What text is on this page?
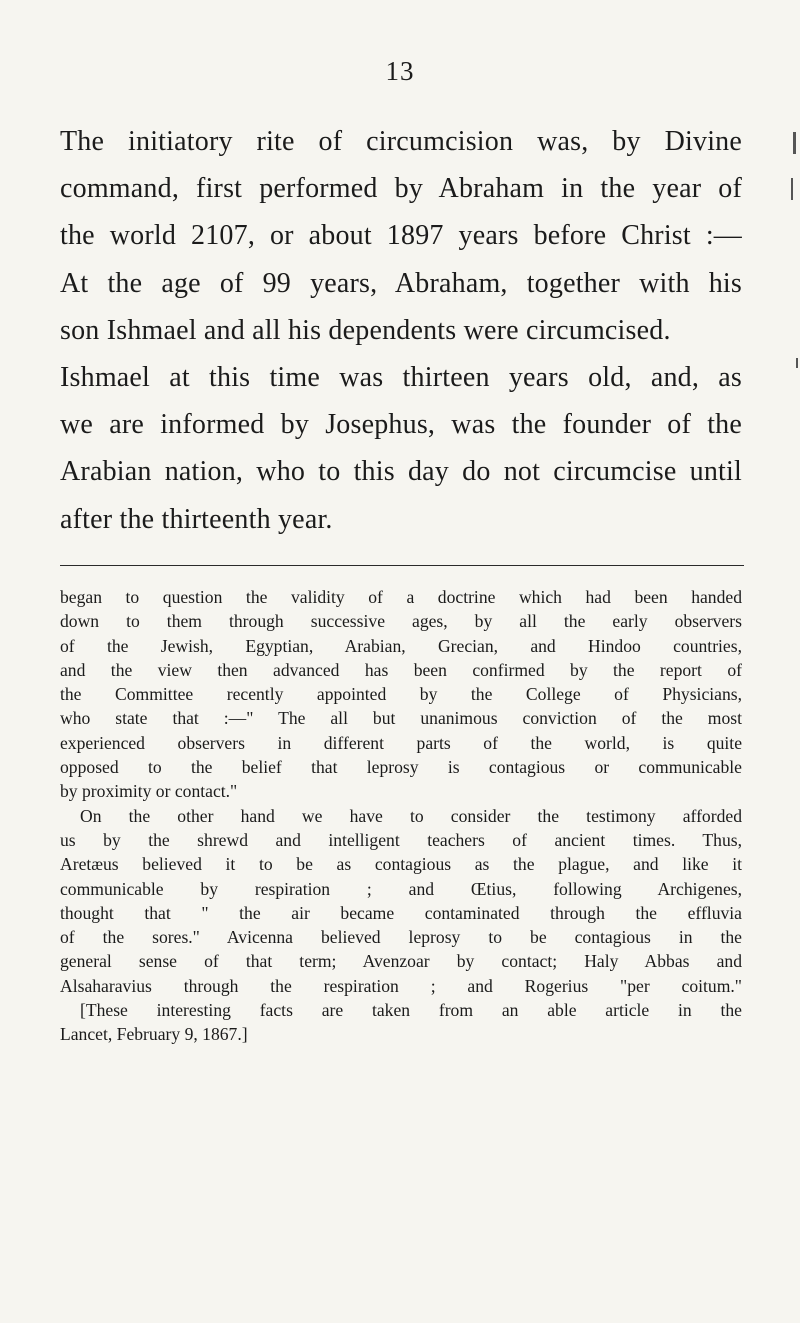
13
The initiatory rite of circumcision was, by Divine
command, first performed by Abraham in the year of
the world 2107, or about 1897 years before Christ :—
At the age of 99 years, Abraham, together with his
son Ishmael and all his dependents were circumcised.
Ishmael at this time was thirteen years old, and, as
we are informed by Josephus, was the founder of the
Arabian nation, who to this day do not circumcise until
after the thirteenth year.
began to question the validity of a doctrine which had been handed
down to them through successive ages, by all the early observers
of the Jewish, Egyptian, Arabian, Grecian, and Hindoo countries,
and the view then advanced has been confirmed by the report of
the Committee recently appointed by the College of Physicians,
who state that :—" The all but unanimous conviction of the most
experienced observers in different parts of the world, is quite
opposed to the belief that leprosy is contagious or communicable
by proximity or contact."
On the other hand we have to consider the testimony afforded
us by the shrewd and intelligent teachers of ancient times. Thus,
Aretæus believed it to be as contagious as the plague, and like it
communicable by respiration ; and Œtius, following Archigenes,
thought that " the air became contaminated through the effluvia
of the sores." Avicenna believed leprosy to be contagious in the
general sense of that term; Avenzoar by contact; Haly Abbas and
Alsaharavius through the respiration ; and Rogerius "per coitum."
[These interesting facts are taken from an able article in the
Lancet, February 9, 1867.]
